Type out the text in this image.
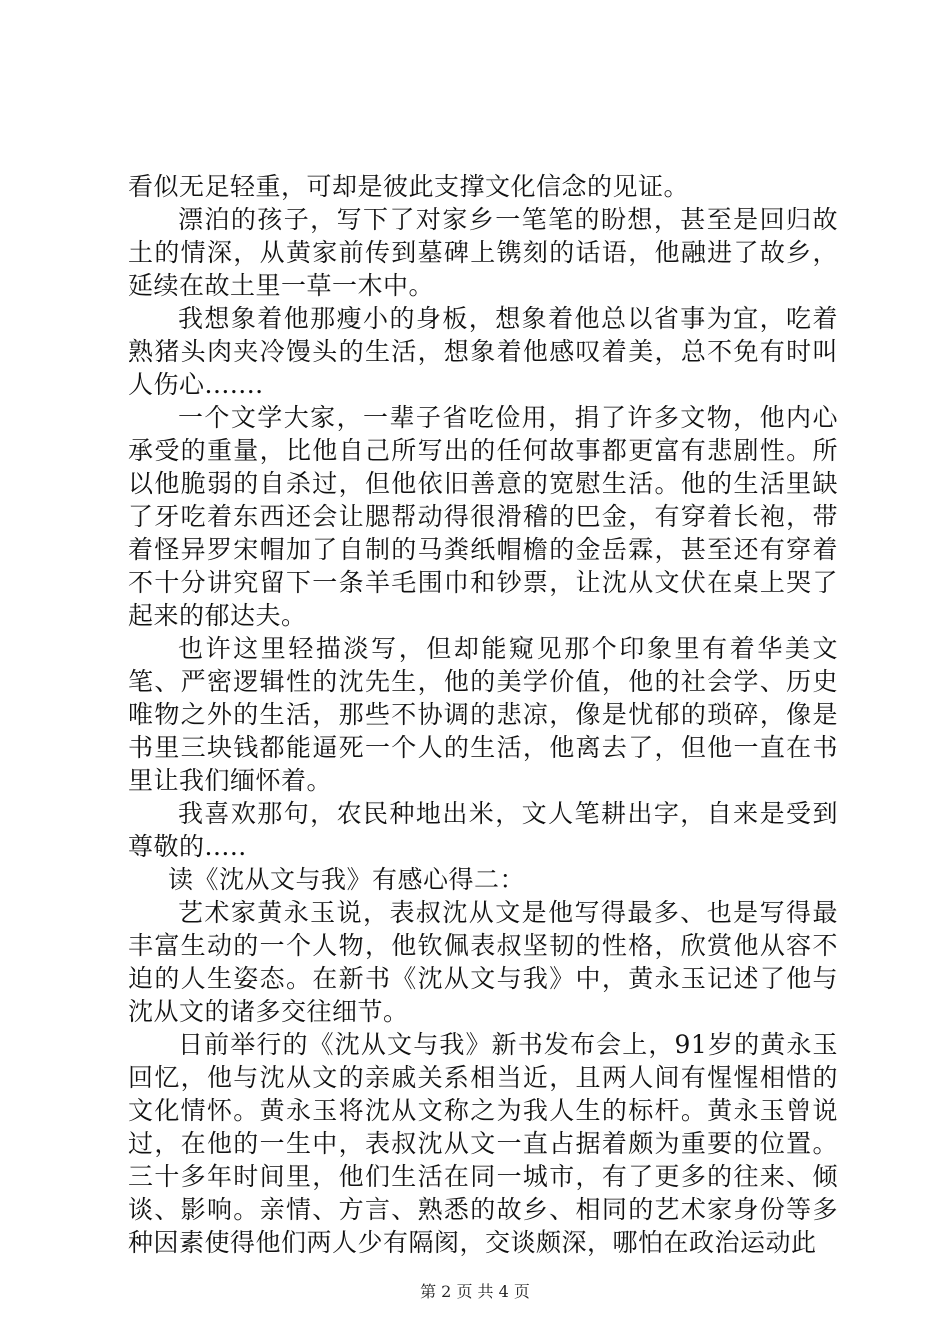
看似无足轻重，可却是彼此支撑文化信念的见证。

漂泊的孩子，写下了对家乡一笔笔的盼想，甚至是回归故土的情深，从黄家前传到墓碑上镌刻的话语，他融进了故乡，延续在故土里一草一木中。

我想象着他那瘦小的身板，想象着他总以省事为宜，吃着熟猪头肉夹冷馒头的生活，想象着他感叹着美，总不免有时叫人伤心.......

一个文学大家，一辈子省吃俭用，捐了许多文物，他内心承受的重量，比他自己所写出的任何故事都更富有悲剧性。所以他脆弱的自杀过，但他依旧善意的宽慰生活。他的生活里缺了牙吃着东西还会让腮帮动得很滑稽的巴金，有穿着长袍，带着怪异罗宋帽加了自制的马粪纸帽檐的金岳霖，甚至还有穿着不十分讲究留下一条羊毛围巾和钞票，让沈从文伏在桌上哭了起来的郁达夫。

也许这里轻描淡写，但却能窥见那个印象里有着华美文笔、严密逻辑性的沈先生，他的美学价值，他的社会学、历史唯物之外的生活，那些不协调的悲凉，像是忧郁的琐碎，像是书里三块钱都能逼死一个人的生活，他离去了，但他一直在书里让我们缅怀着。

我喜欢那句，农民种地出米，文人笔耕出字，自来是受到尊敬的.....

读《沈从文与我》有感心得二：

艺术家黄永玉说，表叔沈从文是他写得最多、也是写得最丰富生动的一个人物，他钦佩表叔坚韧的性格，欣赏他从容不迫的人生姿态。在新书《沈从文与我》中，黄永玉记述了他与沈从文的诸多交往细节。

日前举行的《沈从文与我》新书发布会上，91岁的黄永玉回忆，他与沈从文的亲戚关系相当近，且两人间有惺惺相惜的文化情怀。黄永玉将沈从文称之为我人生的标杆。黄永玉曾说过，在他的一生中，表叔沈从文一直占据着颇为重要的位置。三十多年时间里，他们生活在同一城市，有了更多的往来、倾谈、影响。亲情、方言、熟悉的故乡、相同的艺术家身份等多种因素使得他们两人少有隔阂，交谈颇深，哪怕在政治运动此

第 2 页 共 4 页
